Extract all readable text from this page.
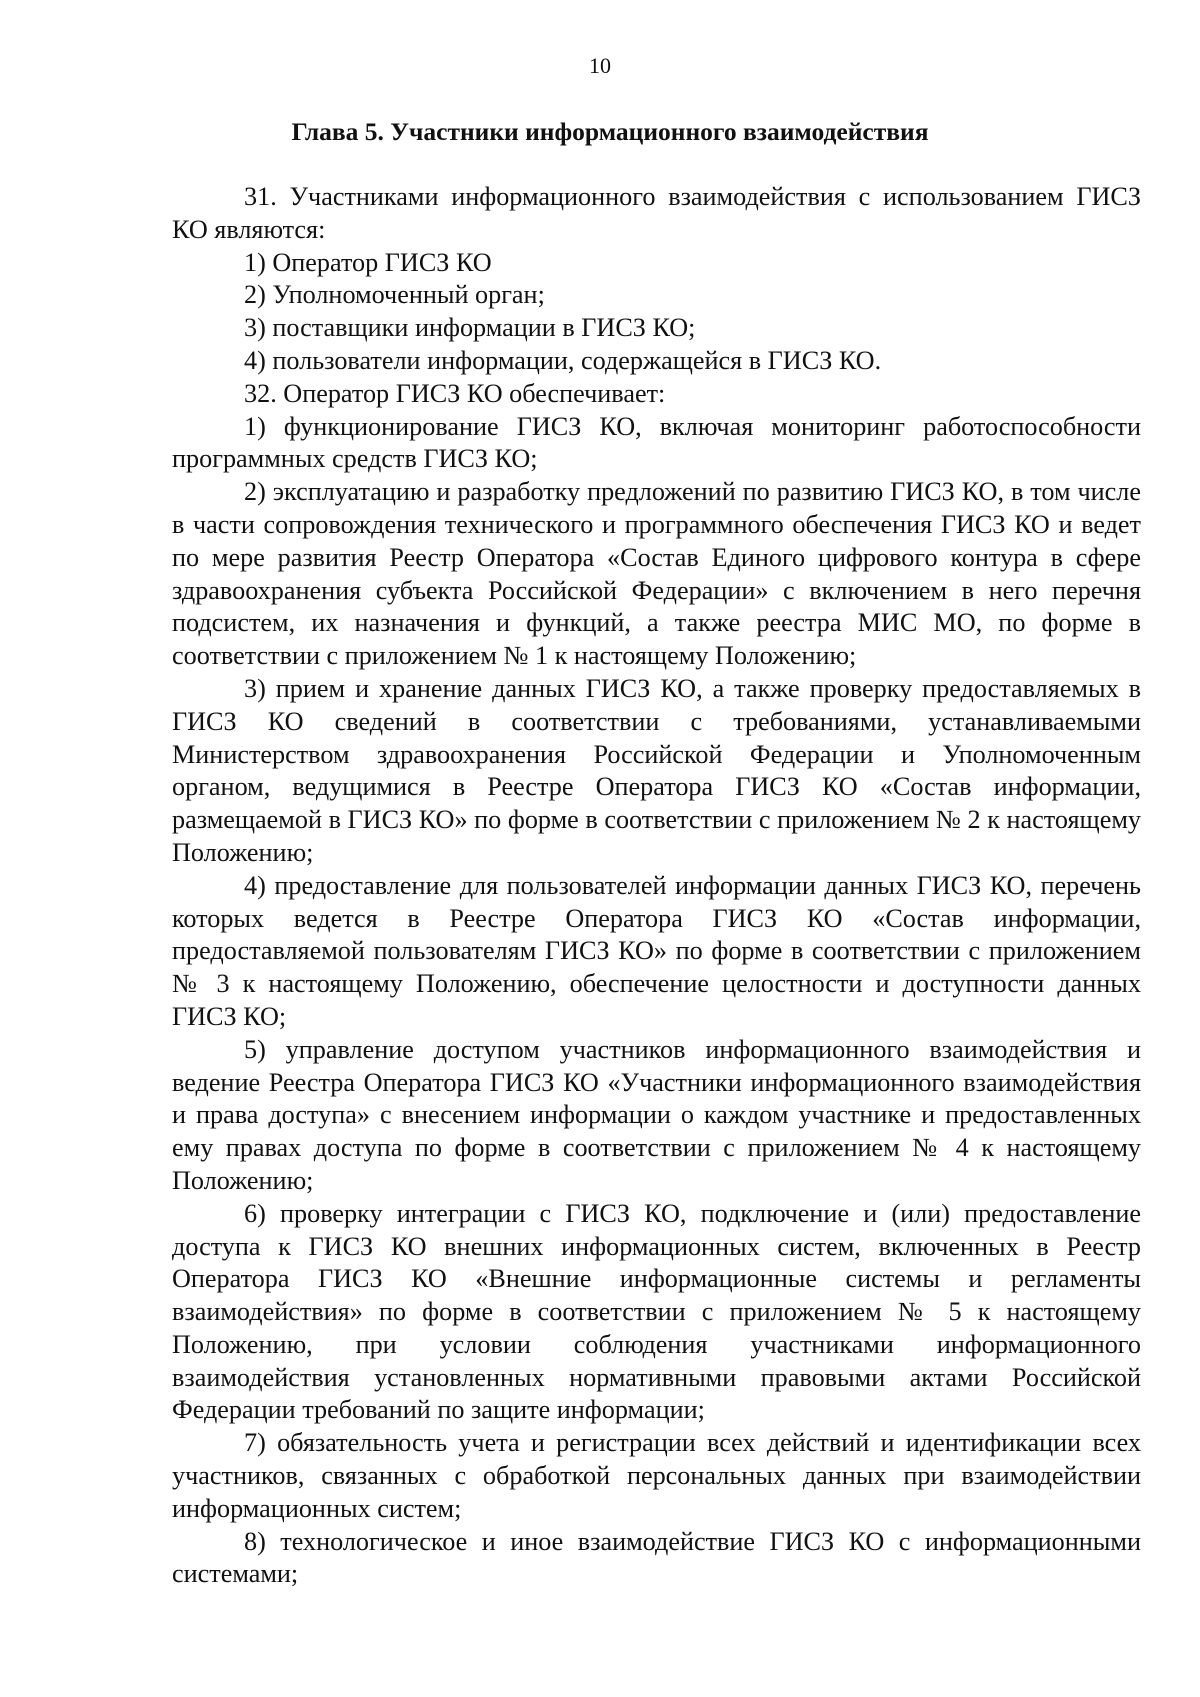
10
Глава 5. Участники информационного взаимодействия

31. Участниками информационного взаимодействия с использованием ГИСЗ КО являются:

1) Оператор ГИСЗ КО

2) Уполномоченный орган;

3) поставщики информации в ГИСЗ КО;

4) пользователи информации, содержащейся в ГИСЗ КО.

32. Оператор ГИСЗ КО обеспечивает:

1) функционирование ГИСЗ КО, включая мониторинг работоспособности программных средств ГИСЗ КО;

2) эксплуатацию и разработку предложений по развитию ГИСЗ КО, в том числе в части сопровождения технического и программного обеспечения ГИСЗ КО и ведет по мере развития Реестр Оператора «Состав Единого цифрового контура в сфере здравоохранения субъекта Российской Федерации» с включением в него перечня подсистем, их назначения и функций, а также реестра МИС МО, по форме в соответствии с приложением № 1 к настоящему Положению;

3) прием и хранение данных ГИСЗ КО, а также проверку предоставляемых в ГИСЗ КО сведений в соответствии с требованиями, устанавливаемыми Министерством здравоохранения Российской Федерации и Уполномоченным органом, ведущимися в Реестре Оператора ГИСЗ КО «Состав информации, размещаемой в ГИСЗ КО» по форме в соответствии с приложением № 2 к настоящему Положению;

4) предоставление для пользователей информации данных ГИСЗ КО, перечень которых ведется в Реестре Оператора ГИСЗ КО «Состав информации, предоставляемой пользователям ГИСЗ КО» по форме в соответствии с приложением № 3 к настоящему Положению, обеспечение целостности и доступности данных ГИСЗ КО;

5) управление доступом участников информационного взаимодействия и ведение Реестра Оператора ГИСЗ КО «Участники информационного взаимодействия и права доступа» с внесением информации о каждом участнике и предоставленных ему правах доступа по форме в соответствии с приложением № 4 к настоящему Положению;

6) проверку интеграции с ГИСЗ КО, подключение и (или) предоставление доступа к ГИСЗ КО внешних информационных систем, включенных в Реестр Оператора ГИСЗ КО «Внешние информационные системы и регламенты взаимодействия» по форме в соответствии с приложением № 5 к настоящему Положению, при условии соблюдения участниками информационного взаимодействия установленных нормативными правовыми актами Российской Федерации требований по защите информации;

7) обязательность учета и регистрации всех действий и идентификации всех участников, связанных с обработкой персональных данных при взаимодействии информационных систем;

8) технологическое и иное взаимодействие ГИСЗ КО с информационными системами;
